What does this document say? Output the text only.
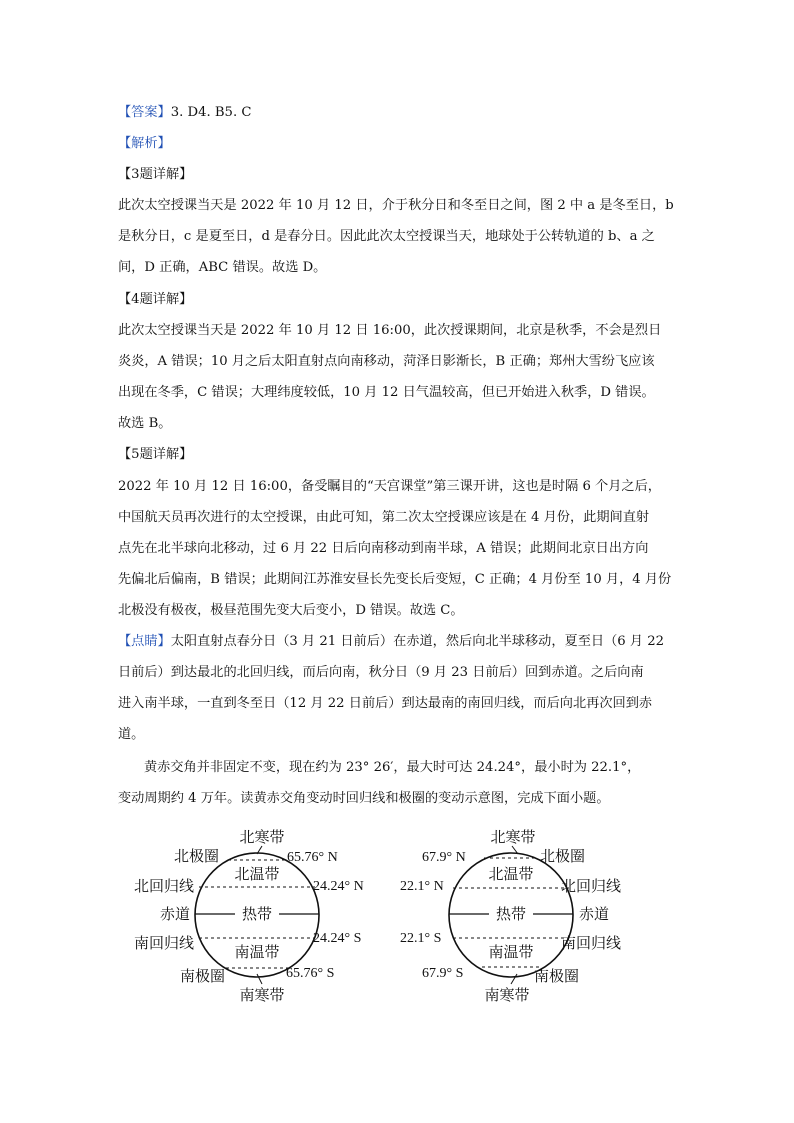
【答案】3. D4. B5. C
【解析】
【3题详解】
此次太空授课当天是 2022 年 10 月 12 日，介于秋分日和冬至日之间，图 2 中 a 是冬至日，b
是秋分日，c 是夏至日，d 是春分日。因此此次太空授课当天，地球处于公转轨道的 b、a 之
间，D 正确，ABC 错误。故选 D。
【4题详解】
此次太空授课当天是 2022 年 10 月 12 日 16:00，此次授课期间，北京是秋季，不会是烈日
炎炎，A 错误；10 月之后太阳直射点向南移动，菏泽日影渐长，B 正确；郑州大雪纷飞应该
出现在冬季，C 错误；大理纬度较低，10 月 12 日气温较高，但已开始进入秋季，D 错误。
故选 B。
【5题详解】
2022 年 10 月 12 日 16:00，备受瞩目的“天宫课堂”第三课开讲，这也是时隔 6 个月之后，
中国航天员再次进行的太空授课，由此可知，第二次太空授课应该是在 4 月份，此期间直射
点先在北半球向北移动，过 6 月 22 日后向南移动到南半球，A 错误；此期间北京日出方向
先偏北后偏南，B 错误；此期间江苏淮安昼长先变长后变短，C 正确；4 月份至 10 月，4 月份
北极没有极夜，极昼范围先变大后变小，D 错误。故选 C。
【点睛】太阳直射点春分日（3 月 21 日前后）在赤道，然后向北半球移动，夏至日（6 月 22
日前后）到达最北的北回归线，而后向南，秋分日（9 月 23 日前后）回到赤道。之后向南
进入南半球，一直到冬至日（12 月 22 日前后）到达最南的南回归线，而后向北再次回到赤
道。
黄赤交角并非固定不变，现在约为 23° 26′，最大时可达 24.24°，最小时为 22.1°，
变动周期约 4 万年。读黄赤交角变动时回归线和极圈的变动示意图，完成下面小题。
北寒带
北极圈	65.76° N
北回归线
北温带
24.24° N
赤道	热带
南回归线	24.24° S
南温带
南极圈	65.76° S
南寒带
北寒带
67.9° N	北极圈
22.1° N
北温带
北回归线
热带	赤道
22.1° S
南温带
南回归线
67.9° S	南极圈
南寒带
